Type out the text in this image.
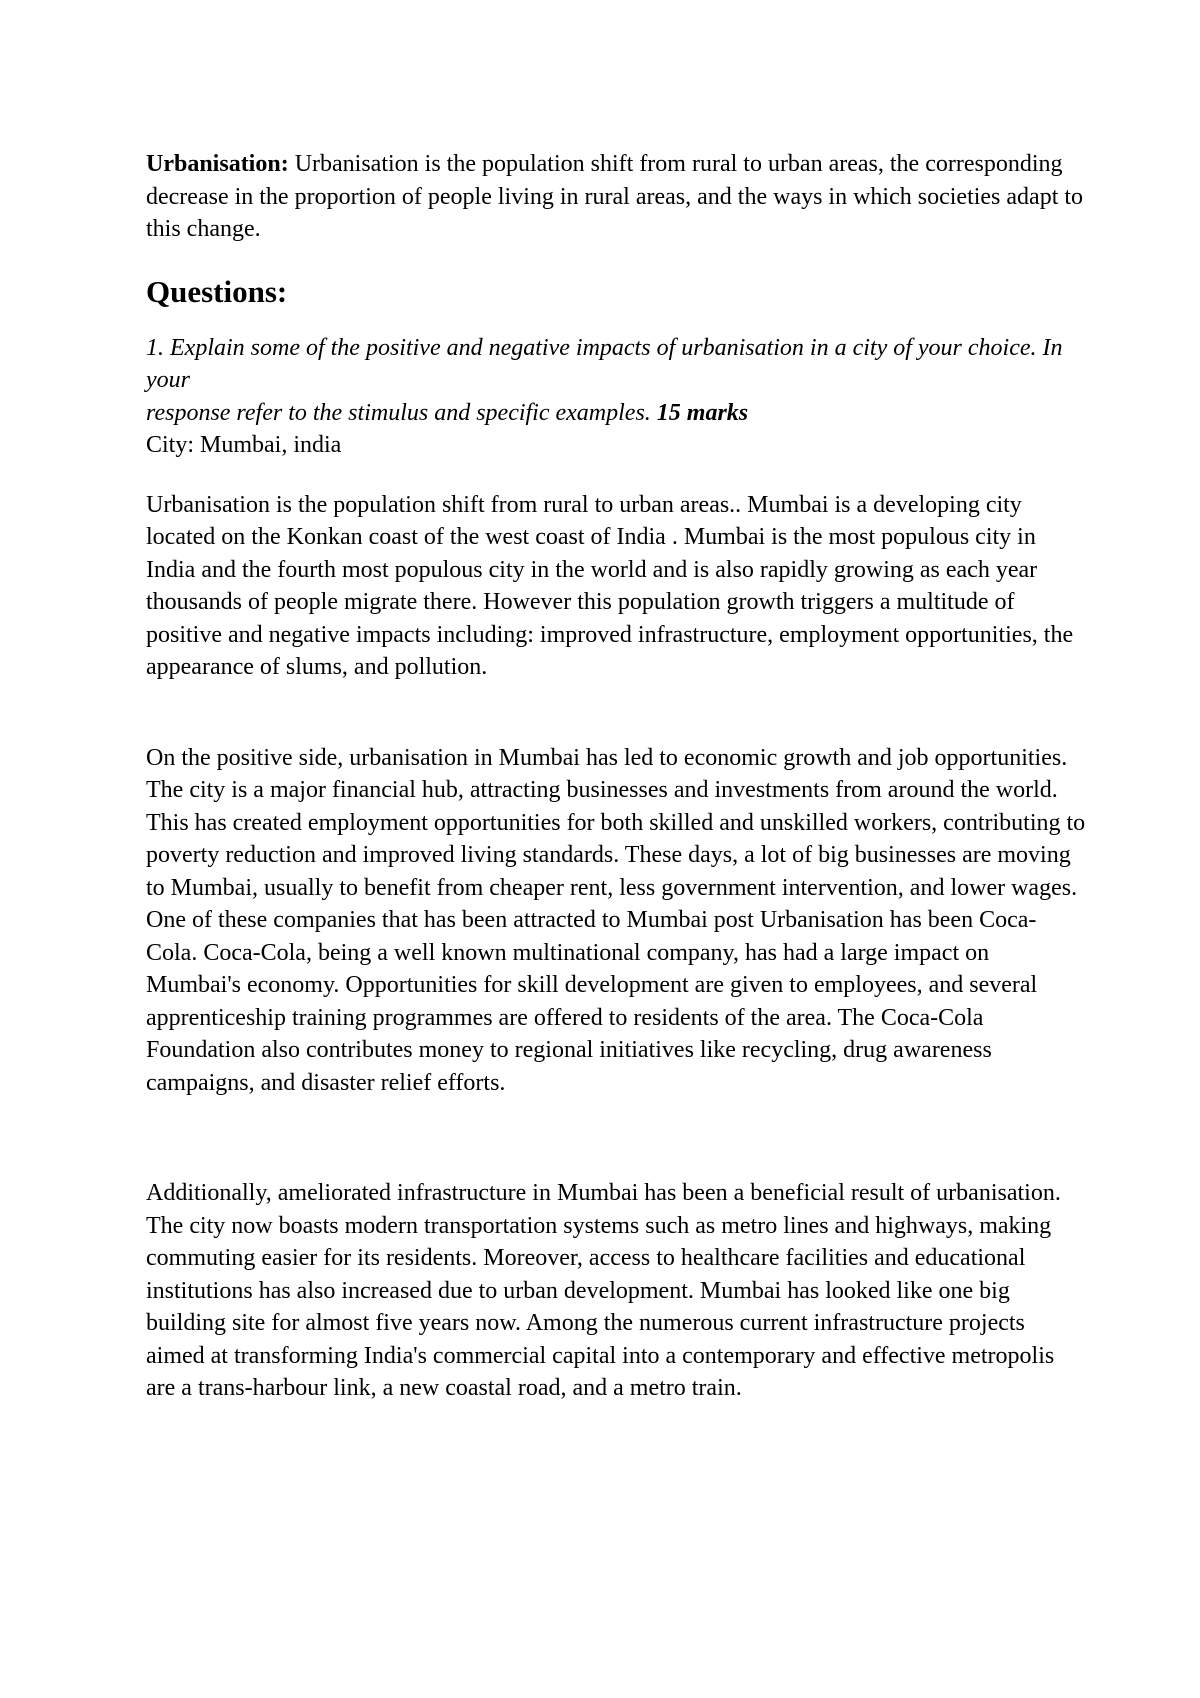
Urbanisation: Urbanisation is the population shift from rural to urban areas, the corresponding decrease in the proportion of people living in rural areas, and the ways in which societies adapt to this change.

Questions:

1. Explain some of the positive and negative impacts of urbanisation in a city of your choice. In your
response refer to the stimulus and specific examples. 15 marks

City: Mumbai, india

Urbanisation is the population shift from rural to urban areas.. Mumbai is a developing city located on the Konkan coast of the west coast of India . Mumbai is the most populous city in India and the fourth most populous city in the world and is also rapidly growing as each year thousands of people migrate there. However this population growth triggers a multitude of positive and negative impacts including: improved infrastructure, employment opportunities, the appearance of slums, and pollution.

On the positive side, urbanisation in Mumbai has led to economic growth and job opportunities. The city is a major financial hub, attracting businesses and investments from around the world. This has created employment opportunities for both skilled and unskilled workers, contributing to poverty reduction and improved living standards. These days, a lot of big businesses are moving to Mumbai, usually to benefit from cheaper rent, less government intervention, and lower wages. One of these companies that has been attracted to Mumbai post Urbanisation has been Coca-Cola. Coca-Cola, being a well known multinational company, has had a large impact on Mumbai's economy. Opportunities for skill development are given to employees, and several apprenticeship training programmes are offered to residents of the area. The Coca-Cola Foundation also contributes money to regional initiatives like recycling, drug awareness campaigns, and disaster relief efforts.

Additionally, ameliorated infrastructure in Mumbai has been a beneficial result of urbanisation. The city now boasts modern transportation systems such as metro lines and highways, making commuting easier for its residents. Moreover, access to healthcare facilities and educational institutions has also increased due to urban development. Mumbai has looked like one big building site for almost five years now. Among the numerous current infrastructure projects aimed at transforming India's commercial capital into a contemporary and effective metropolis are a trans-harbour link, a new coastal road, and a metro train.
